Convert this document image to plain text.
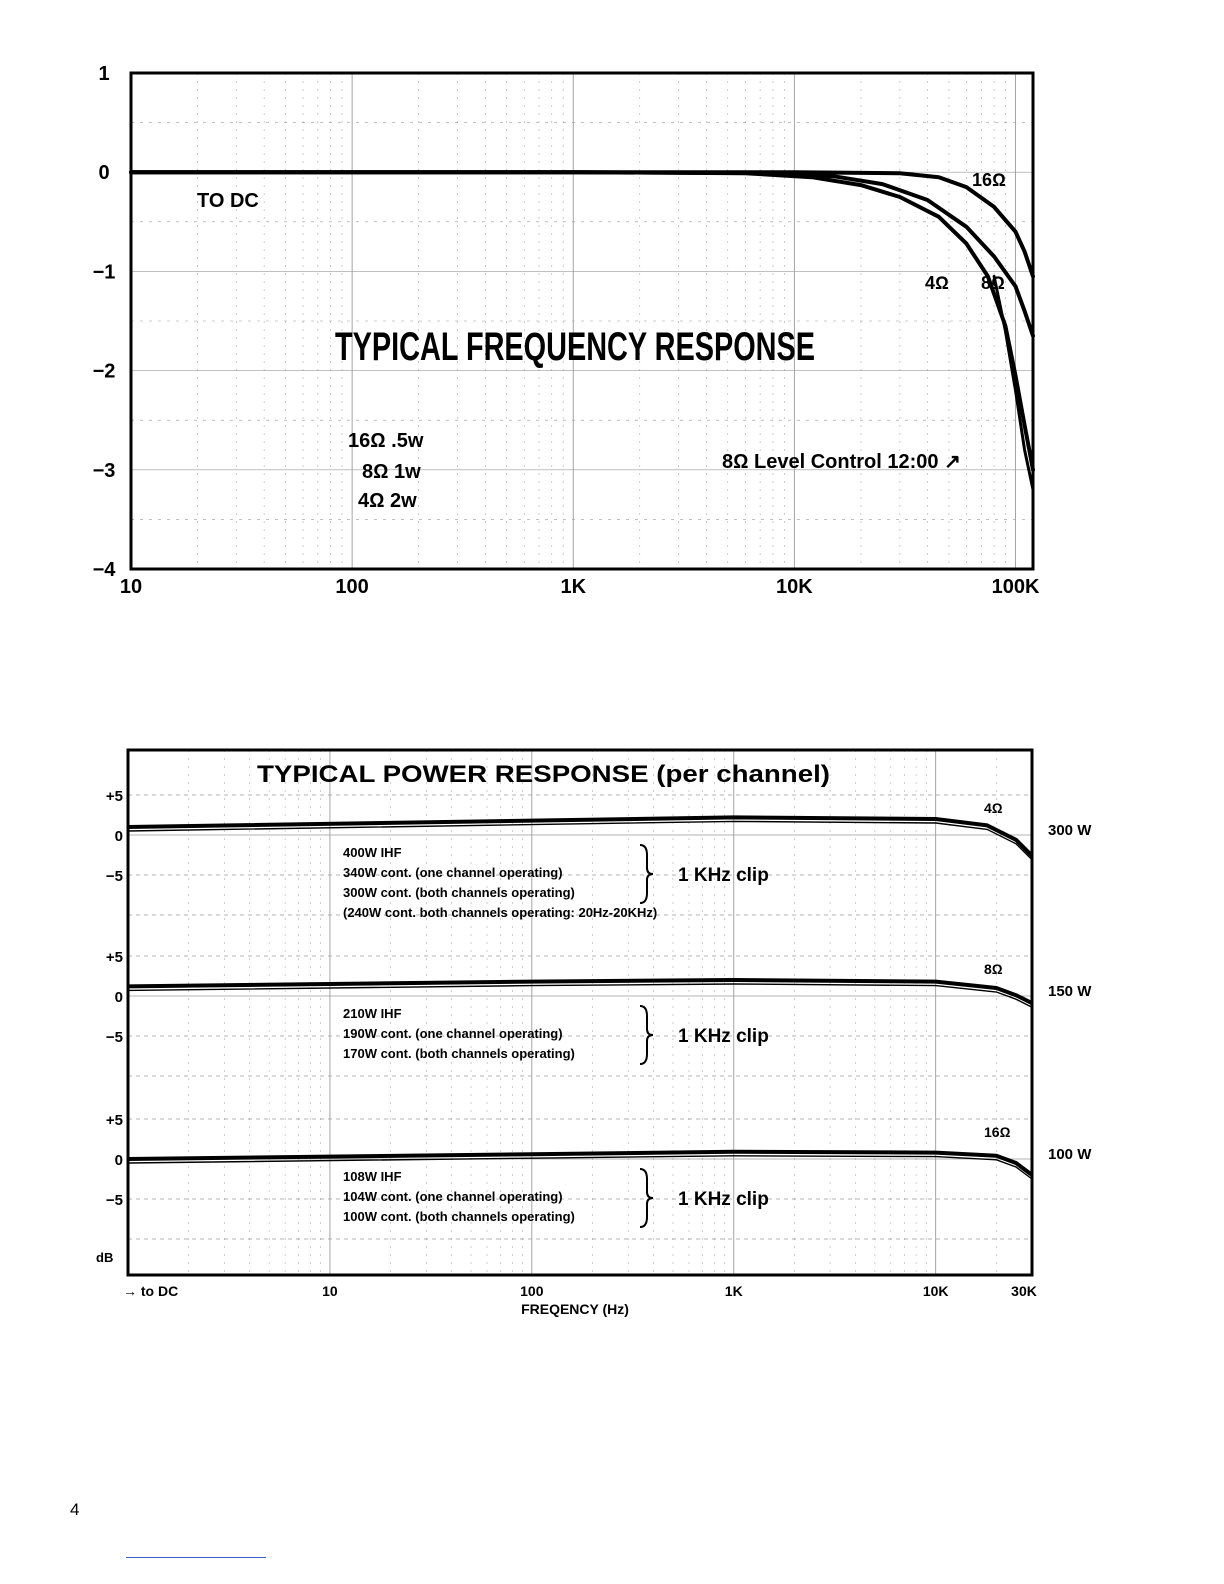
1
0
−1
−2
−3
−4
10	100	1K	10K	100K
TYPICAL FREQUENCY RESPONSE
TO DC
16Ω .5w
8Ω 1w
4Ω 2w
8Ω Level Control 12:00 ↗
16Ω
4Ω 8Ω
+5
0
−5
+5
0
−5
+5
0
−5
→ to DC	10	100	1K	10K	30K
4Ω
300 W
400W IHF
340W cont. (one channel operating)
300W cont. (both channels operating)
(240W cont. both channels operating: 20Hz-20KHz)
1 KHz clip
8Ω
150 W
210W IHF
190W cont. (one channel operating)
170W cont. (both channels operating)
1 KHz clip
16Ω
100 W
108W IHF
104W cont. (one channel operating)
100W cont. (both channels operating)
1 KHz clip
TYPICAL POWER RESPONSE (per channel)
dB
FREQENCY (Hz)
4
